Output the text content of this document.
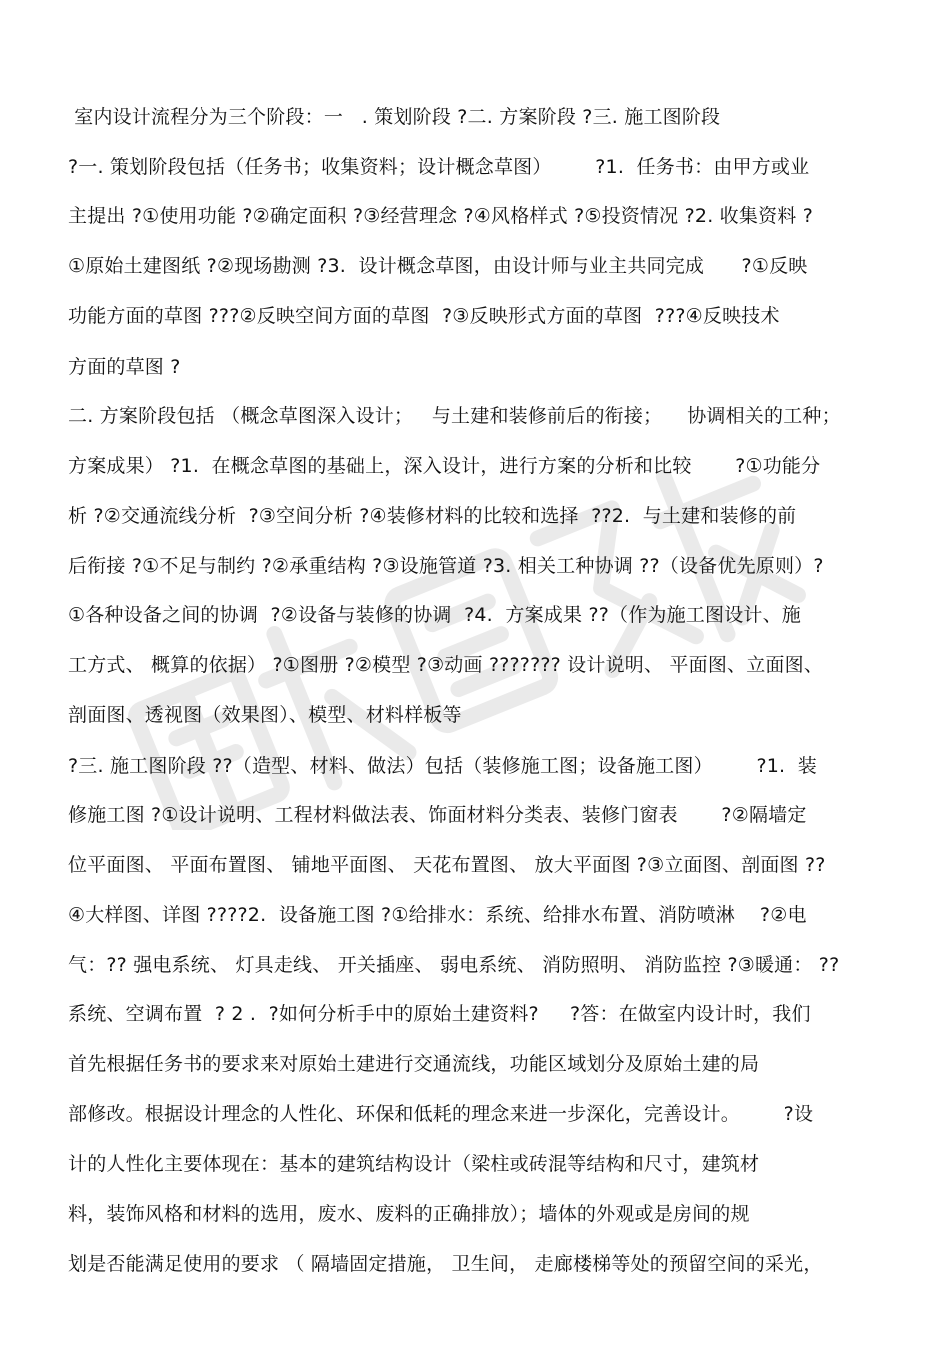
室内设计流程分为三个阶段：一   . 策划阶段 ?二. 方案阶段 ?三. 施工图阶段
?一. 策划阶段包括（任务书；收集资料；设计概念草图）       ?1.  任务书：由甲方或业
主提出 ?①使用功能 ?②确定面积 ?③经营理念 ?④风格样式 ?⑤投资情况 ?2. 收集资料 ?
①原始土建图纸 ?②现场勘测 ?3.  设计概念草图，由设计师与业主共同完成      ?①反映
功能方面的草图 ???②反映空间方面的草图  ?③反映形式方面的草图  ???④反映技术
方面的草图 ?
二. 方案阶段包括 （概念草图深入设计；   与土建和装修前后的衔接；    协调相关的工种；
方案成果） ?1.  在概念草图的基础上，深入设计，进行方案的分析和比较       ?①功能分
析 ?②交通流线分析  ?③空间分析 ?④装修材料的比较和选择  ??2.  与土建和装修的前
后衔接 ?①不足与制约 ?②承重结构 ?③设施管道 ?3. 相关工种协调 ??（设备优先原则）?
①各种设备之间的协调  ?②设备与装修的协调  ?4.  方案成果 ??（作为施工图设计、施
工方式、 概算的依据） ?①图册 ?②模型 ?③动画 ??????? 设计说明、 平面图、立面图、
剖面图、透视图（效果图）、模型、材料样板等
?三. 施工图阶段 ??（造型、材料、做法）包括（装修施工图；设备施工图）       ?1.  装
修施工图 ?①设计说明、工程材料做法表、饰面材料分类表、装修门窗表       ?②隔墙定
位平面图、 平面布置图、 铺地平面图、 天花布置图、 放大平面图 ?③立面图、剖面图 ??
④大样图、详图 ????2.  设备施工图 ?①给排水：系统、给排水布置、消防喷淋    ?②电
气：?? 强电系统、 灯具走线、 开关插座、 弱电系统、 消防照明、 消防监控 ?③暖通： ??
系统、空调布置  ? 2 .  ?如何分析手中的原始土建资料?     ?答：在做室内设计时，我们
首先根据任务书的要求来对原始土建进行交通流线，功能区域划分及原始土建的局
部修改。根据设计理念的人性化、环保和低耗的理念来进一步深化，完善设计。       ?设
计的人性化主要体现在：基本的建筑结构设计（梁柱或砖混等结构和尺寸，建筑材
料，装饰风格和材料的选用，废水、废料的正确排放）；墙体的外观或是房间的规
划是否能满足使用的要求 （ 隔墙固定措施， 卫生间， 走廊楼梯等处的预留空间的采光，
